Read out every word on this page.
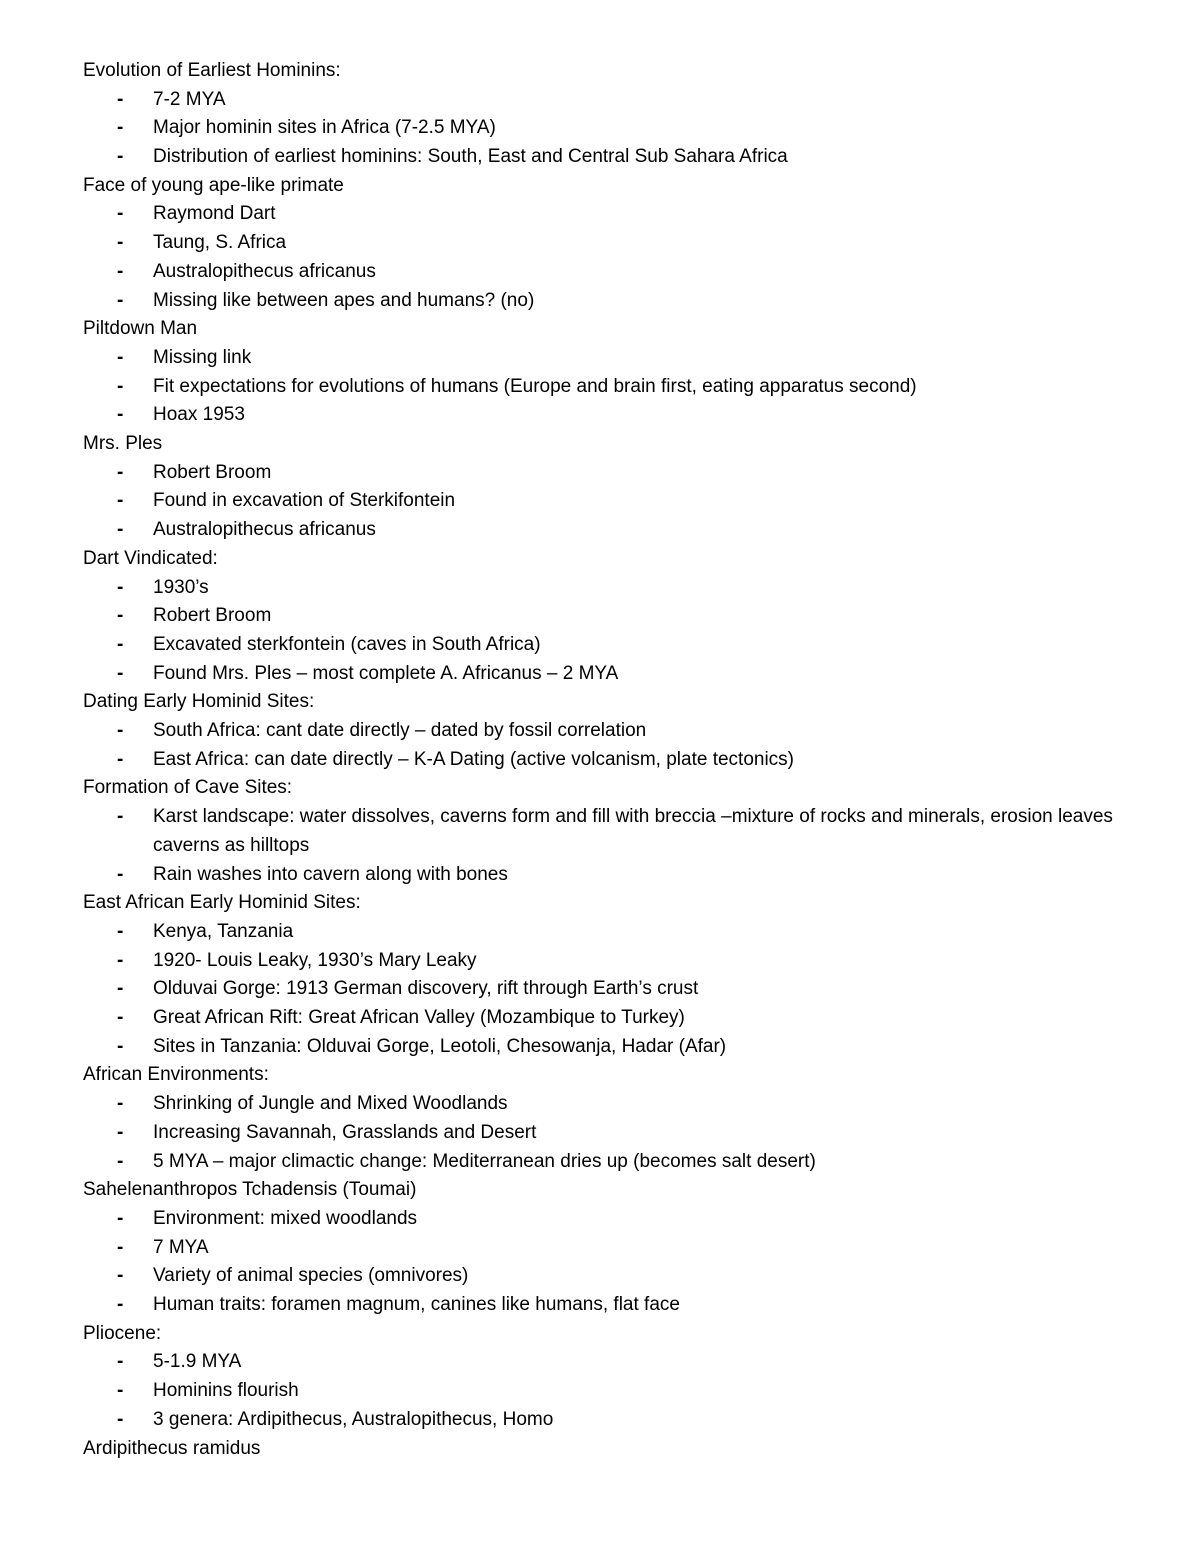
Evolution of Earliest Hominins:
- 7-2 MYA
- Major hominin sites in Africa (7-2.5 MYA)
- Distribution of earliest hominins: South, East and Central Sub Sahara Africa
Face of young ape-like primate
- Raymond Dart
- Taung, S. Africa
- Australopithecus africanus
- Missing like between apes and humans? (no)
Piltdown Man
- Missing link
- Fit expectations for evolutions of humans (Europe and brain first, eating apparatus second)
- Hoax 1953
Mrs. Ples
- Robert Broom
- Found in excavation of Sterkifontein
- Australopithecus africanus
Dart Vindicated:
- 1930’s
- Robert Broom
- Excavated sterkfontein (caves in South Africa)
- Found Mrs. Ples – most complete A. Africanus – 2 MYA
Dating Early Hominid Sites:
- South Africa: cant date directly – dated by fossil correlation
- East Africa: can date directly – K-A Dating (active volcanism, plate tectonics)
Formation of Cave Sites:
- Karst landscape: water dissolves, caverns form and fill with breccia –mixture of rocks and minerals, erosion leaves caverns as hilltops
- Rain washes into cavern along with bones
East African Early Hominid Sites:
- Kenya, Tanzania
- 1920- Louis Leaky, 1930’s Mary Leaky
- Olduvai Gorge: 1913 German discovery, rift through Earth’s crust
- Great African Rift: Great African Valley (Mozambique to Turkey)
- Sites in Tanzania: Olduvai Gorge, Leotoli, Chesowanja, Hadar (Afar)
African Environments:
- Shrinking of Jungle and Mixed Woodlands
- Increasing Savannah, Grasslands and Desert
- 5 MYA – major climactic change: Mediterranean dries up (becomes salt desert)
Sahelenanthropos Tchadensis (Toumai)
- Environment: mixed woodlands
- 7 MYA
- Variety of animal species (omnivores)
- Human traits: foramen magnum, canines like humans, flat face
Pliocene:
- 5-1.9 MYA
- Hominins flourish
- 3 genera: Ardipithecus, Australopithecus, Homo
Ardipithecus ramidus
